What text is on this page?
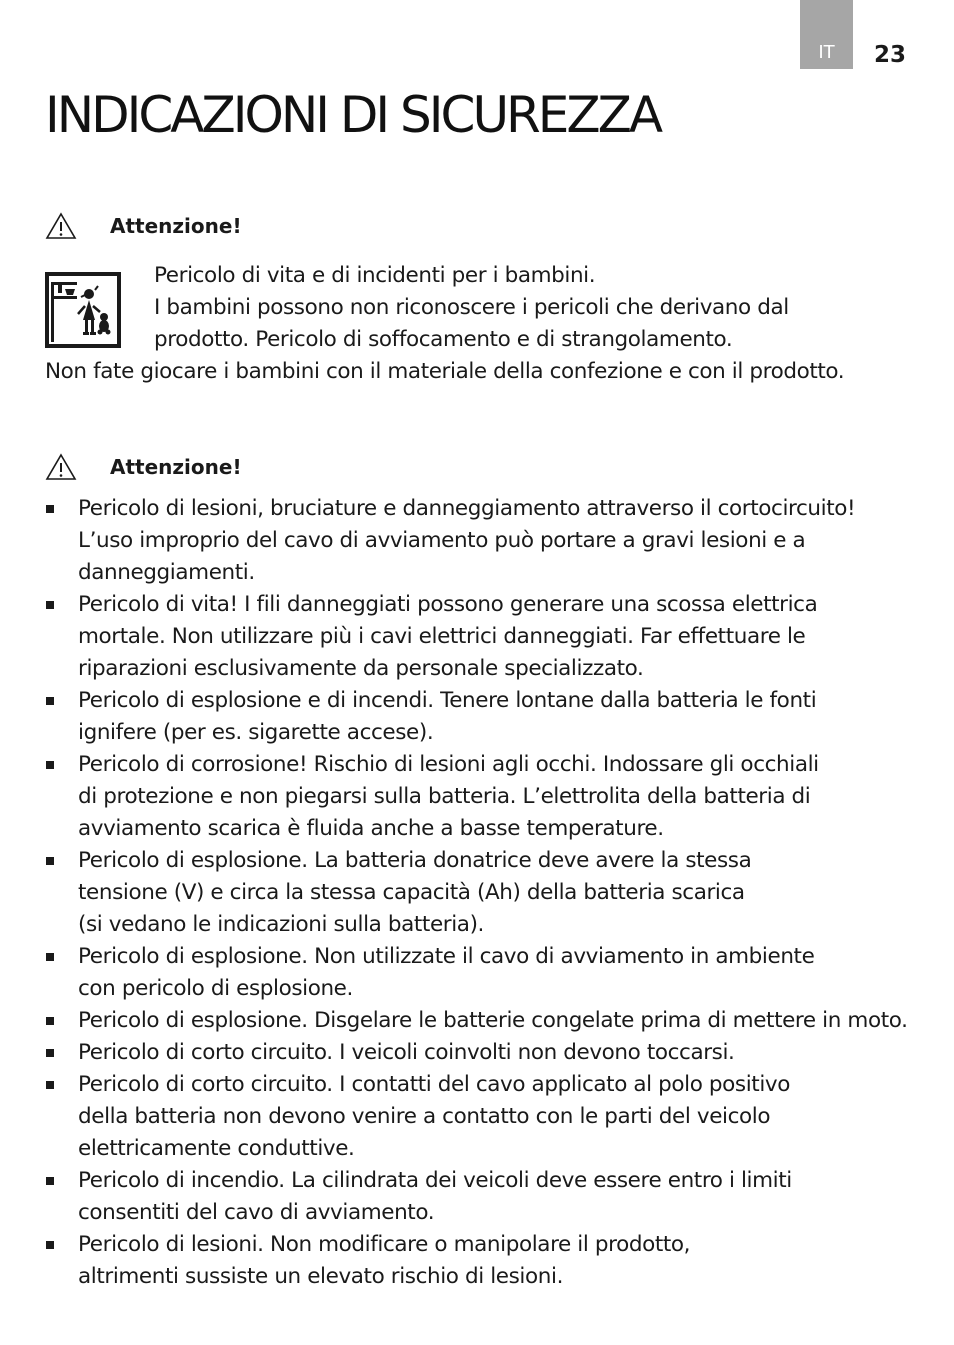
IT	23
INDICAZIONI DI SICUREZZA
Attenzione!
Pericolo di vita e di incidenti per i bambini.
I bambini possono non riconoscere i pericoli che derivano dal
prodotto. Pericolo di soffocamento e di strangolamento.
Non fate giocare i bambini con il materiale della confezione e con il prodotto.
Attenzione!
Pericolo di lesioni, bruciature e danneggiamento attraverso il cortocircuito!
L’uso improprio del cavo di avviamento può portare a gravi lesioni e a
danneggiamenti.
Pericolo di vita! I fili danneggiati possono generare una scossa elettrica
mortale. Non utilizzare più i cavi elettrici danneggiati. Far effettuare le
riparazioni esclusivamente da personale specializzato.
Pericolo di esplosione e di incendi. Tenere lontane dalla batteria le fonti
ignifere (per es. sigarette accese).
Pericolo di corrosione! Rischio di lesioni agli occhi. Indossare gli occhiali
di protezione e non piegarsi sulla batteria. L’elettrolita della batteria di
avviamento scarica è fluida anche a basse temperature.
Pericolo di esplosione. La batteria donatrice deve avere la stessa
tensione (V) e circa la stessa capacità (Ah) della batteria scarica
(si vedano le indicazioni sulla batteria).
Pericolo di esplosione. Non utilizzate il cavo di avviamento in ambiente
con pericolo di esplosione.
Pericolo di esplosione. Disgelare le batterie congelate prima di mettere in moto.
Pericolo di corto circuito. I veicoli coinvolti non devono toccarsi.
Pericolo di corto circuito. I contatti del cavo applicato al polo positivo
della batteria non devono venire a contatto con le parti del veicolo
elettricamente conduttive.
Pericolo di incendio. La cilindrata dei veicoli deve essere entro i limiti
consentiti del cavo di avviamento.
Pericolo di lesioni. Non modificare o manipolare il prodotto,
altrimenti sussiste un elevato rischio di lesioni.
